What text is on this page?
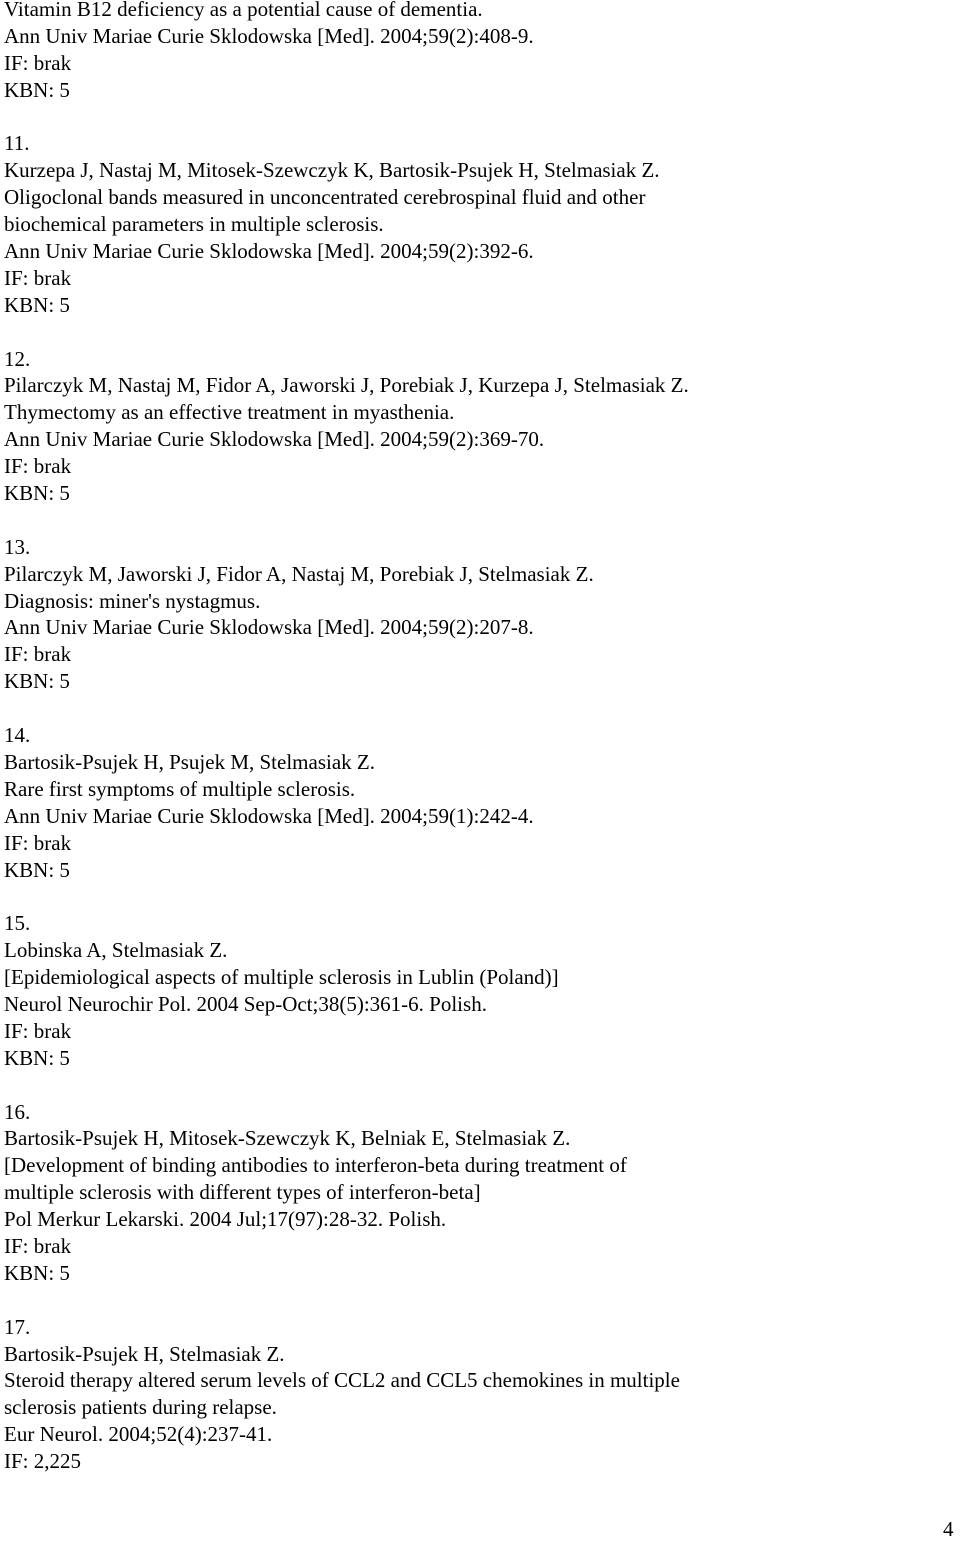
Vitamin B12 deficiency as a potential cause of dementia.
Ann Univ Mariae Curie Sklodowska [Med]. 2004;59(2):408-9.
IF: brak
KBN: 5
11.
Kurzepa J, Nastaj M, Mitosek-Szewczyk K, Bartosik-Psujek H, Stelmasiak Z.
Oligoclonal bands measured in unconcentrated cerebrospinal fluid and other
biochemical parameters in multiple sclerosis.
Ann Univ Mariae Curie Sklodowska [Med]. 2004;59(2):392-6.
IF: brak
KBN: 5
12.
Pilarczyk M, Nastaj M, Fidor A, Jaworski J, Porebiak J, Kurzepa J, Stelmasiak Z.
Thymectomy as an effective treatment in myasthenia.
Ann Univ Mariae Curie Sklodowska [Med]. 2004;59(2):369-70.
IF: brak
KBN: 5
13.
Pilarczyk M, Jaworski J, Fidor A, Nastaj M, Porebiak J, Stelmasiak Z.
Diagnosis: miner's nystagmus.
Ann Univ Mariae Curie Sklodowska [Med]. 2004;59(2):207-8.
IF: brak
KBN: 5
14.
Bartosik-Psujek H, Psujek M, Stelmasiak Z.
Rare first symptoms of multiple sclerosis.
Ann Univ Mariae Curie Sklodowska [Med]. 2004;59(1):242-4.
IF: brak
KBN: 5
15.
Lobinska A, Stelmasiak Z.
[Epidemiological aspects of multiple sclerosis in Lublin (Poland)]
Neurol Neurochir Pol. 2004 Sep-Oct;38(5):361-6. Polish.
IF: brak
KBN: 5
16.
Bartosik-Psujek H, Mitosek-Szewczyk K, Belniak E, Stelmasiak Z.
[Development of binding antibodies to interferon-beta during treatment of
multiple sclerosis with different types of interferon-beta]
Pol Merkur Lekarski. 2004 Jul;17(97):28-32. Polish.
IF: brak
KBN: 5
17.
Bartosik-Psujek H, Stelmasiak Z.
Steroid therapy altered serum levels of CCL2 and CCL5 chemokines in multiple
sclerosis patients during relapse.
Eur Neurol. 2004;52(4):237-41.
IF: 2,225
4
